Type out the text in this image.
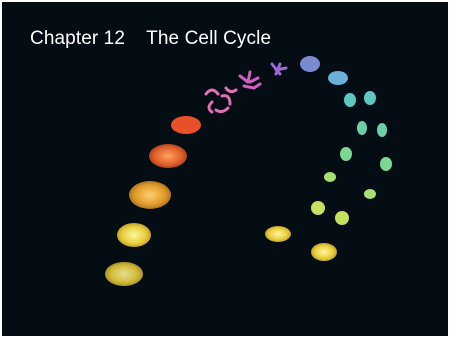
Chapter 12    The Cell Cycle
